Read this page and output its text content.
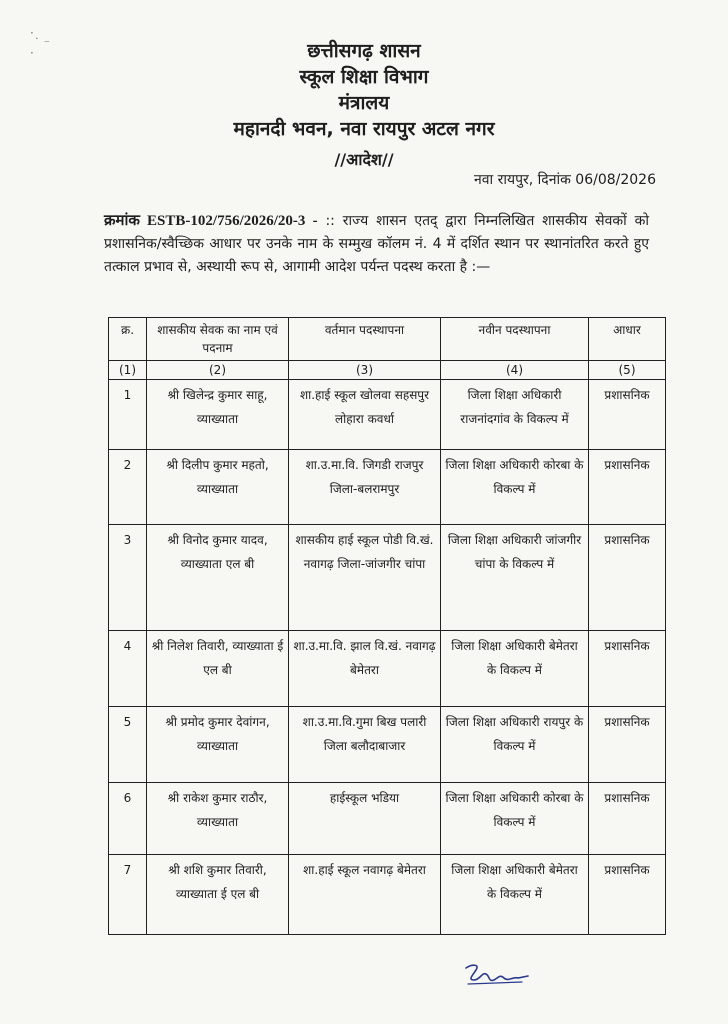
·
˙ ⁻
·	छत्तीसगढ़ शासन

स्कूल शिक्षा विभाग

मंत्रालय

महानदी भवन, नवा रायपुर अटल नगर

//आदेश//
नवा रायपुर, दिनांक 06/08/2026
क्रमांक ESTB-102/756/2026/20-3 - :: राज्य शासन एतद् द्वारा निम्नलिखित शासकीय सेवकों को प्रशासनिक/स्वैच्छिक आधार पर उनके नाम के सम्मुख कॉलम नं. 4 में दर्शित स्थान पर स्थानांतरित करते हुए तत्काल प्रभाव से, अस्थायी रूप से, आगामी आदेश पर्यन्त पदस्थ करता है :—
क्र.	शासकीय सेवक का नाम एवं पदनाम	वर्तमान पदस्थापना	नवीन पदस्थापना	आधार
(1)	(2)	(3)	(4)	(5)
1	श्री खिलेन्द्र कुमार साहू, व्याख्याता	शा.हाई स्कूल खोलवा सहसपुर लोहारा कवर्धा	जिला शिक्षा अधिकारी राजनांदगांव के विकल्प में	प्रशासनिक
2	श्री दिलीप कुमार महतो, व्याख्याता	शा.उ.मा.वि. जिगडी राजपुर जिला-बलरामपुर	जिला शिक्षा अधिकारी कोरबा के विकल्प में	प्रशासनिक
3	श्री विनोद कुमार यादव, व्याख्याता एल बी	शासकीय हाई स्कूल पोडी वि.खं. नवागढ़ जिला-जांजगीर चांपा	जिला शिक्षा अधिकारी जांजगीर चांपा के विकल्प में	प्रशासनिक
4	श्री निलेश तिवारी, व्याख्याता ई एल बी	शा.उ.मा.वि. झाल वि.खं. नवागढ़ बेमेतरा	जिला शिक्षा अधिकारी बेमेतरा के विकल्प में	प्रशासनिक
5	श्री प्रमोद कुमार देवांगन, व्याख्याता	शा.उ.मा.वि.गुमा बिख पलारी जिला बलौदाबाजार	जिला शिक्षा अधिकारी रायपुर के विकल्प में	प्रशासनिक
6	श्री राकेश कुमार राठौर, व्याख्याता	हाईस्कूल भडिया	जिला शिक्षा अधिकारी कोरबा के विकल्प में	प्रशासनिक
7	श्री शशि कुमार तिवारी, व्याख्याता ई एल बी	शा.हाई स्कूल नवागढ़ बेमेतरा	जिला शिक्षा अधिकारी बेमेतरा के विकल्प में	प्रशासनिक
